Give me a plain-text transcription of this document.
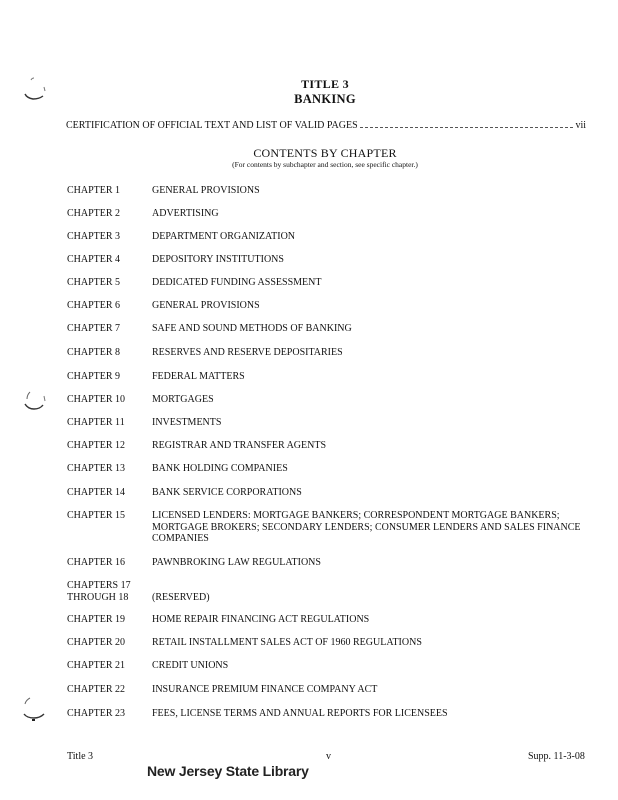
TITLE 3
BANKING
CERTIFICATION OF OFFICIAL TEXT AND LIST OF VALID PAGES	vii
CONTENTS BY CHAPTER
(For contents by subchapter and section, see specific chapter.)
CHAPTER 1	GENERAL PROVISIONS
CHAPTER 2	ADVERTISING
CHAPTER 3	DEPARTMENT ORGANIZATION
CHAPTER 4	DEPOSITORY INSTITUTIONS
CHAPTER 5	DEDICATED FUNDING ASSESSMENT
CHAPTER 6	GENERAL PROVISIONS
CHAPTER 7	SAFE AND SOUND METHODS OF BANKING
CHAPTER 8	RESERVES AND RESERVE DEPOSITARIES
CHAPTER 9	FEDERAL MATTERS
CHAPTER 10	MORTGAGES
CHAPTER 11	INVESTMENTS
CHAPTER 12	REGISTRAR AND TRANSFER AGENTS
CHAPTER 13	BANK HOLDING COMPANIES
CHAPTER 14	BANK SERVICE CORPORATIONS
CHAPTER 15	LICENSED LENDERS: MORTGAGE BANKERS; CORRESPONDENT MORTGAGE BANKERS; MORTGAGE BROKERS; SECONDARY LENDERS; CONSUMER LENDERS AND SALES FINANCE COMPANIES
CHAPTER 16	PAWNBROKING LAW REGULATIONS
CHAPTERS 17
THROUGH 18	(RESERVED)
CHAPTER 19	HOME REPAIR FINANCING ACT REGULATIONS
CHAPTER 20	RETAIL INSTALLMENT SALES ACT OF 1960 REGULATIONS
CHAPTER 21	CREDIT UNIONS
CHAPTER 22	INSURANCE PREMIUM FINANCE COMPANY ACT
CHAPTER 23	FEES, LICENSE TERMS AND ANNUAL REPORTS FOR LICENSEES
Title 3	v	Supp. 11-3-08
New Jersey State Library
